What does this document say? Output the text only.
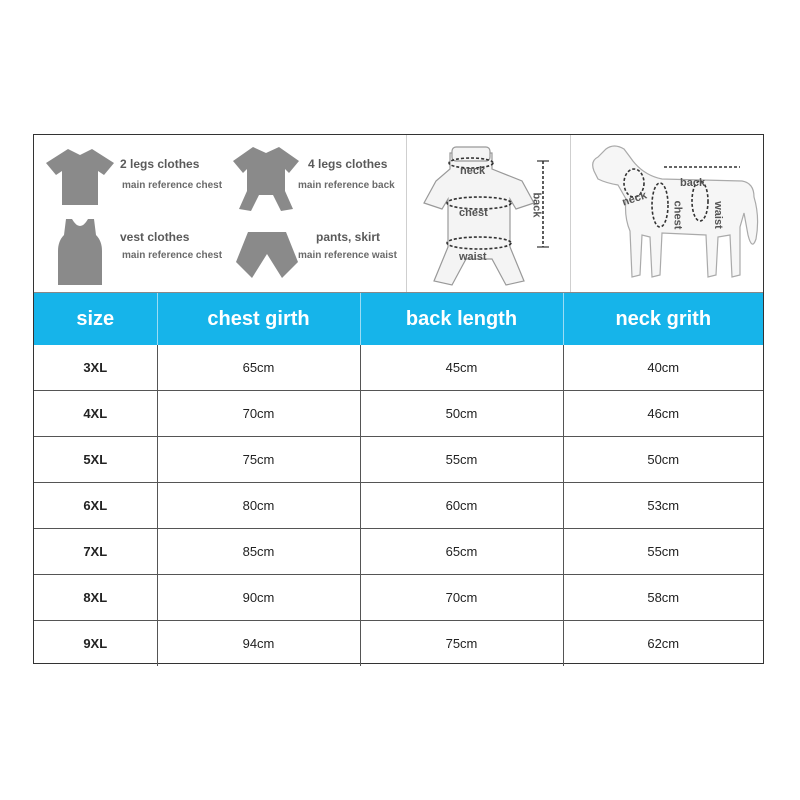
2 legs clothes
main reference chest
4 legs clothes
main reference back
vest clothes
main reference chest
pants, skirt
main reference waist
neck
chest
waist
back	neck
chest	waist
back
size	chest girth	back length	neck grith
3XL	65cm	45cm	40cm
4XL	70cm	50cm	46cm
5XL	75cm	55cm	50cm
6XL	80cm	60cm	53cm
7XL	85cm	65cm	55cm
8XL	90cm	70cm	58cm
9XL	94cm	75cm	62cm
